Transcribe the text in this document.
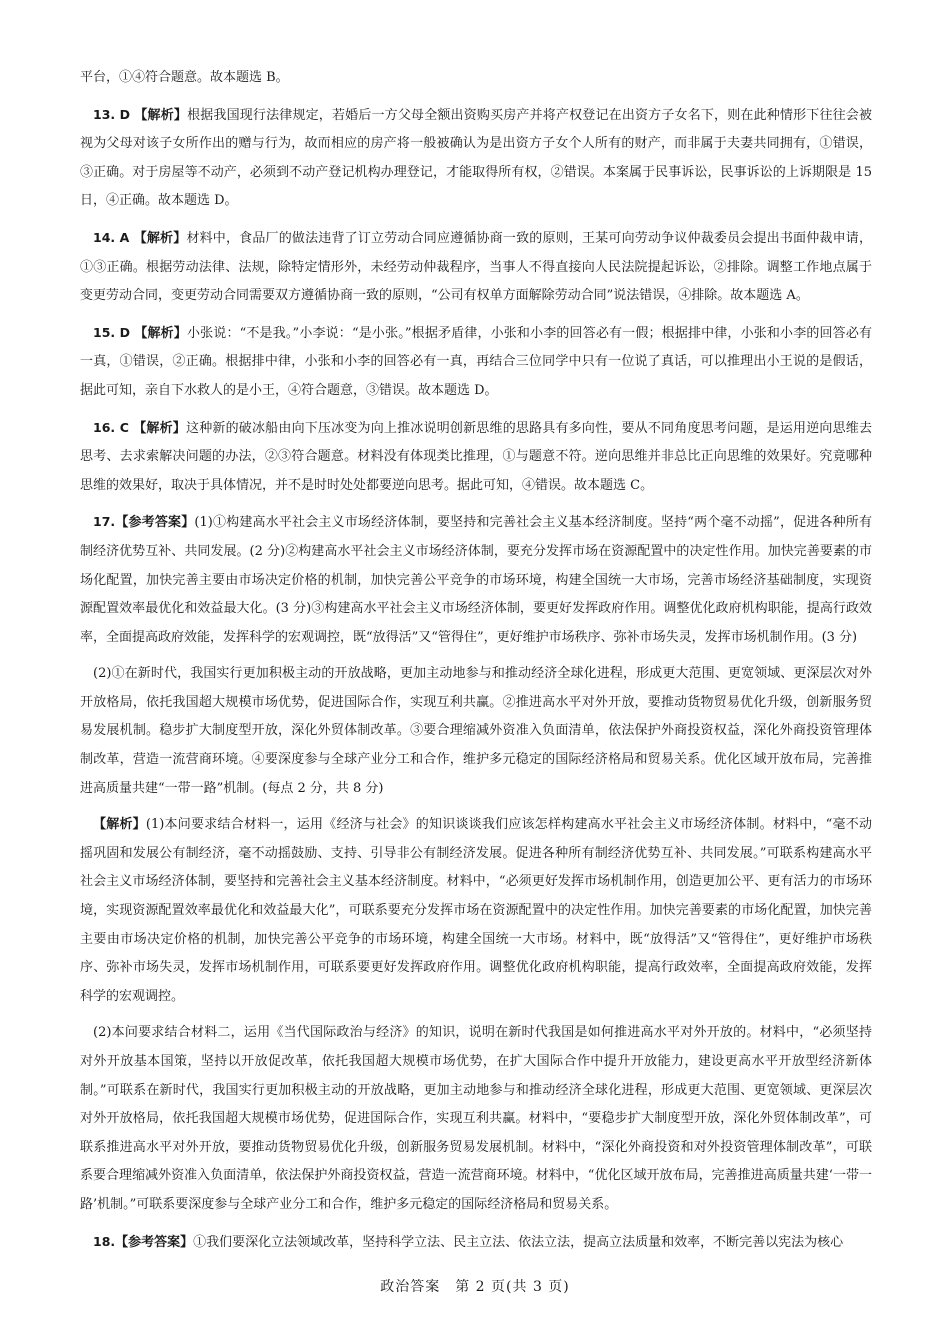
平台，①④符合题意。故本题选 B。

13. D 【解析】根据我国现行法律规定，若婚后一方父母全额出资购买房产并将产权登记在出资方子女名下，则在此种情形下往往会被视为父母对该子女所作出的赠与行为，故而相应的房产将一般被确认为是出资方子女个人所有的财产，而非属于夫妻共同拥有，①错误，③正确。对于房屋等不动产，必须到不动产登记机构办理登记，才能取得所有权，②错误。本案属于民事诉讼，民事诉讼的上诉期限是 15 日，④正确。故本题选 D。

14. A 【解析】材料中，食品厂的做法违背了订立劳动合同应遵循协商一致的原则，王某可向劳动争议仲裁委员会提出书面仲裁申请，①③正确。根据劳动法律、法规，除特定情形外，未经劳动仲裁程序，当事人不得直接向人民法院提起诉讼，②排除。调整工作地点属于变更劳动合同，变更劳动合同需要双方遵循协商一致的原则，“公司有权单方面解除劳动合同”说法错误，④排除。故本题选 A。

15. D 【解析】小张说：“不是我。”小李说：“是小张。”根据矛盾律，小张和小李的回答必有一假；根据排中律，小张和小李的回答必有一真，①错误，②正确。根据排中律，小张和小李的回答必有一真，再结合三位同学中只有一位说了真话，可以推理出小王说的是假话，据此可知，亲自下水救人的是小王，④符合题意，③错误。故本题选 D。

16. C 【解析】这种新的破冰船由向下压冰变为向上推冰说明创新思维的思路具有多向性，要从不同角度思考问题，是运用逆向思维去思考、去求索解决问题的办法，②③符合题意。材料没有体现类比推理，①与题意不符。逆向思维并非总比正向思维的效果好。究竟哪种思维的效果好，取决于具体情况，并不是时时处处都要逆向思考。据此可知，④错误。故本题选 C。

17.【参考答案】(1)①构建高水平社会主义市场经济体制，要坚持和完善社会主义基本经济制度。坚持“两个毫不动摇”，促进各种所有制经济优势互补、共同发展。(2 分)②构建高水平社会主义市场经济体制，要充分发挥市场在资源配置中的决定性作用。加快完善要素的市场化配置，加快完善主要由市场决定价格的机制，加快完善公平竞争的市场环境，构建全国统一大市场，完善市场经济基础制度，实现资源配置效率最优化和效益最大化。(3 分)③构建高水平社会主义市场经济体制，要更好发挥政府作用。调整优化政府机构职能，提高行政效率，全面提高政府效能，发挥科学的宏观调控，既“放得活”又“管得住”，更好维护市场秩序、弥补市场失灵，发挥市场机制作用。(3 分)

(2)①在新时代，我国实行更加积极主动的开放战略，更加主动地参与和推动经济全球化进程，形成更大范围、更宽领域、更深层次对外开放格局，依托我国超大规模市场优势，促进国际合作，实现互利共赢。②推进高水平对外开放，要推动货物贸易优化升级，创新服务贸易发展机制。稳步扩大制度型开放，深化外贸体制改革。③要合理缩减外资准入负面清单，依法保护外商投资权益，深化外商投资管理体制改革，营造一流营商环境。④要深度参与全球产业分工和合作，维护多元稳定的国际经济格局和贸易关系。优化区域开放布局，完善推进高质量共建“一带一路”机制。(每点 2 分，共 8 分)

【解析】(1)本问要求结合材料一，运用《经济与社会》的知识谈谈我们应该怎样构建高水平社会主义市场经济体制。材料中，“毫不动摇巩固和发展公有制经济，毫不动摇鼓励、支持、引导非公有制经济发展。促进各种所有制经济优势互补、共同发展。”可联系构建高水平社会主义市场经济体制，要坚持和完善社会主义基本经济制度。材料中，“必须更好发挥市场机制作用，创造更加公平、更有活力的市场环境，实现资源配置效率最优化和效益最大化”，可联系要充分发挥市场在资源配置中的决定性作用。加快完善要素的市场化配置，加快完善主要由市场决定价格的机制，加快完善公平竞争的市场环境，构建全国统一大市场。材料中，既“放得活”又“管得住”，更好维护市场秩序、弥补市场失灵，发挥市场机制作用，可联系要更好发挥政府作用。调整优化政府机构职能，提高行政效率，全面提高政府效能，发挥科学的宏观调控。

(2)本问要求结合材料二，运用《当代国际政治与经济》的知识，说明在新时代我国是如何推进高水平对外开放的。材料中，“必须坚持对外开放基本国策，坚持以开放促改革，依托我国超大规模市场优势，在扩大国际合作中提升开放能力，建设更高水平开放型经济新体制。”可联系在新时代，我国实行更加积极主动的开放战略，更加主动地参与和推动经济全球化进程，形成更大范围、更宽领域、更深层次对外开放格局，依托我国超大规模市场优势，促进国际合作，实现互利共赢。材料中，“要稳步扩大制度型开放，深化外贸体制改革”，可联系推进高水平对外开放，要推动货物贸易优化升级，创新服务贸易发展机制。材料中，“深化外商投资和对外投资管理体制改革”，可联系要合理缩减外资准入负面清单，依法保护外商投资权益，营造一流营商环境。材料中，“优化区域开放布局，完善推进高质量共建‘一带一路’机制。”可联系要深度参与全球产业分工和合作，维护多元稳定的国际经济格局和贸易关系。

18.【参考答案】①我们要深化立法领域改革，坚持科学立法、民主立法、依法立法，提高立法质量和效率，不断完善以宪法为核心

政治答案　第 2 页(共 3 页)
